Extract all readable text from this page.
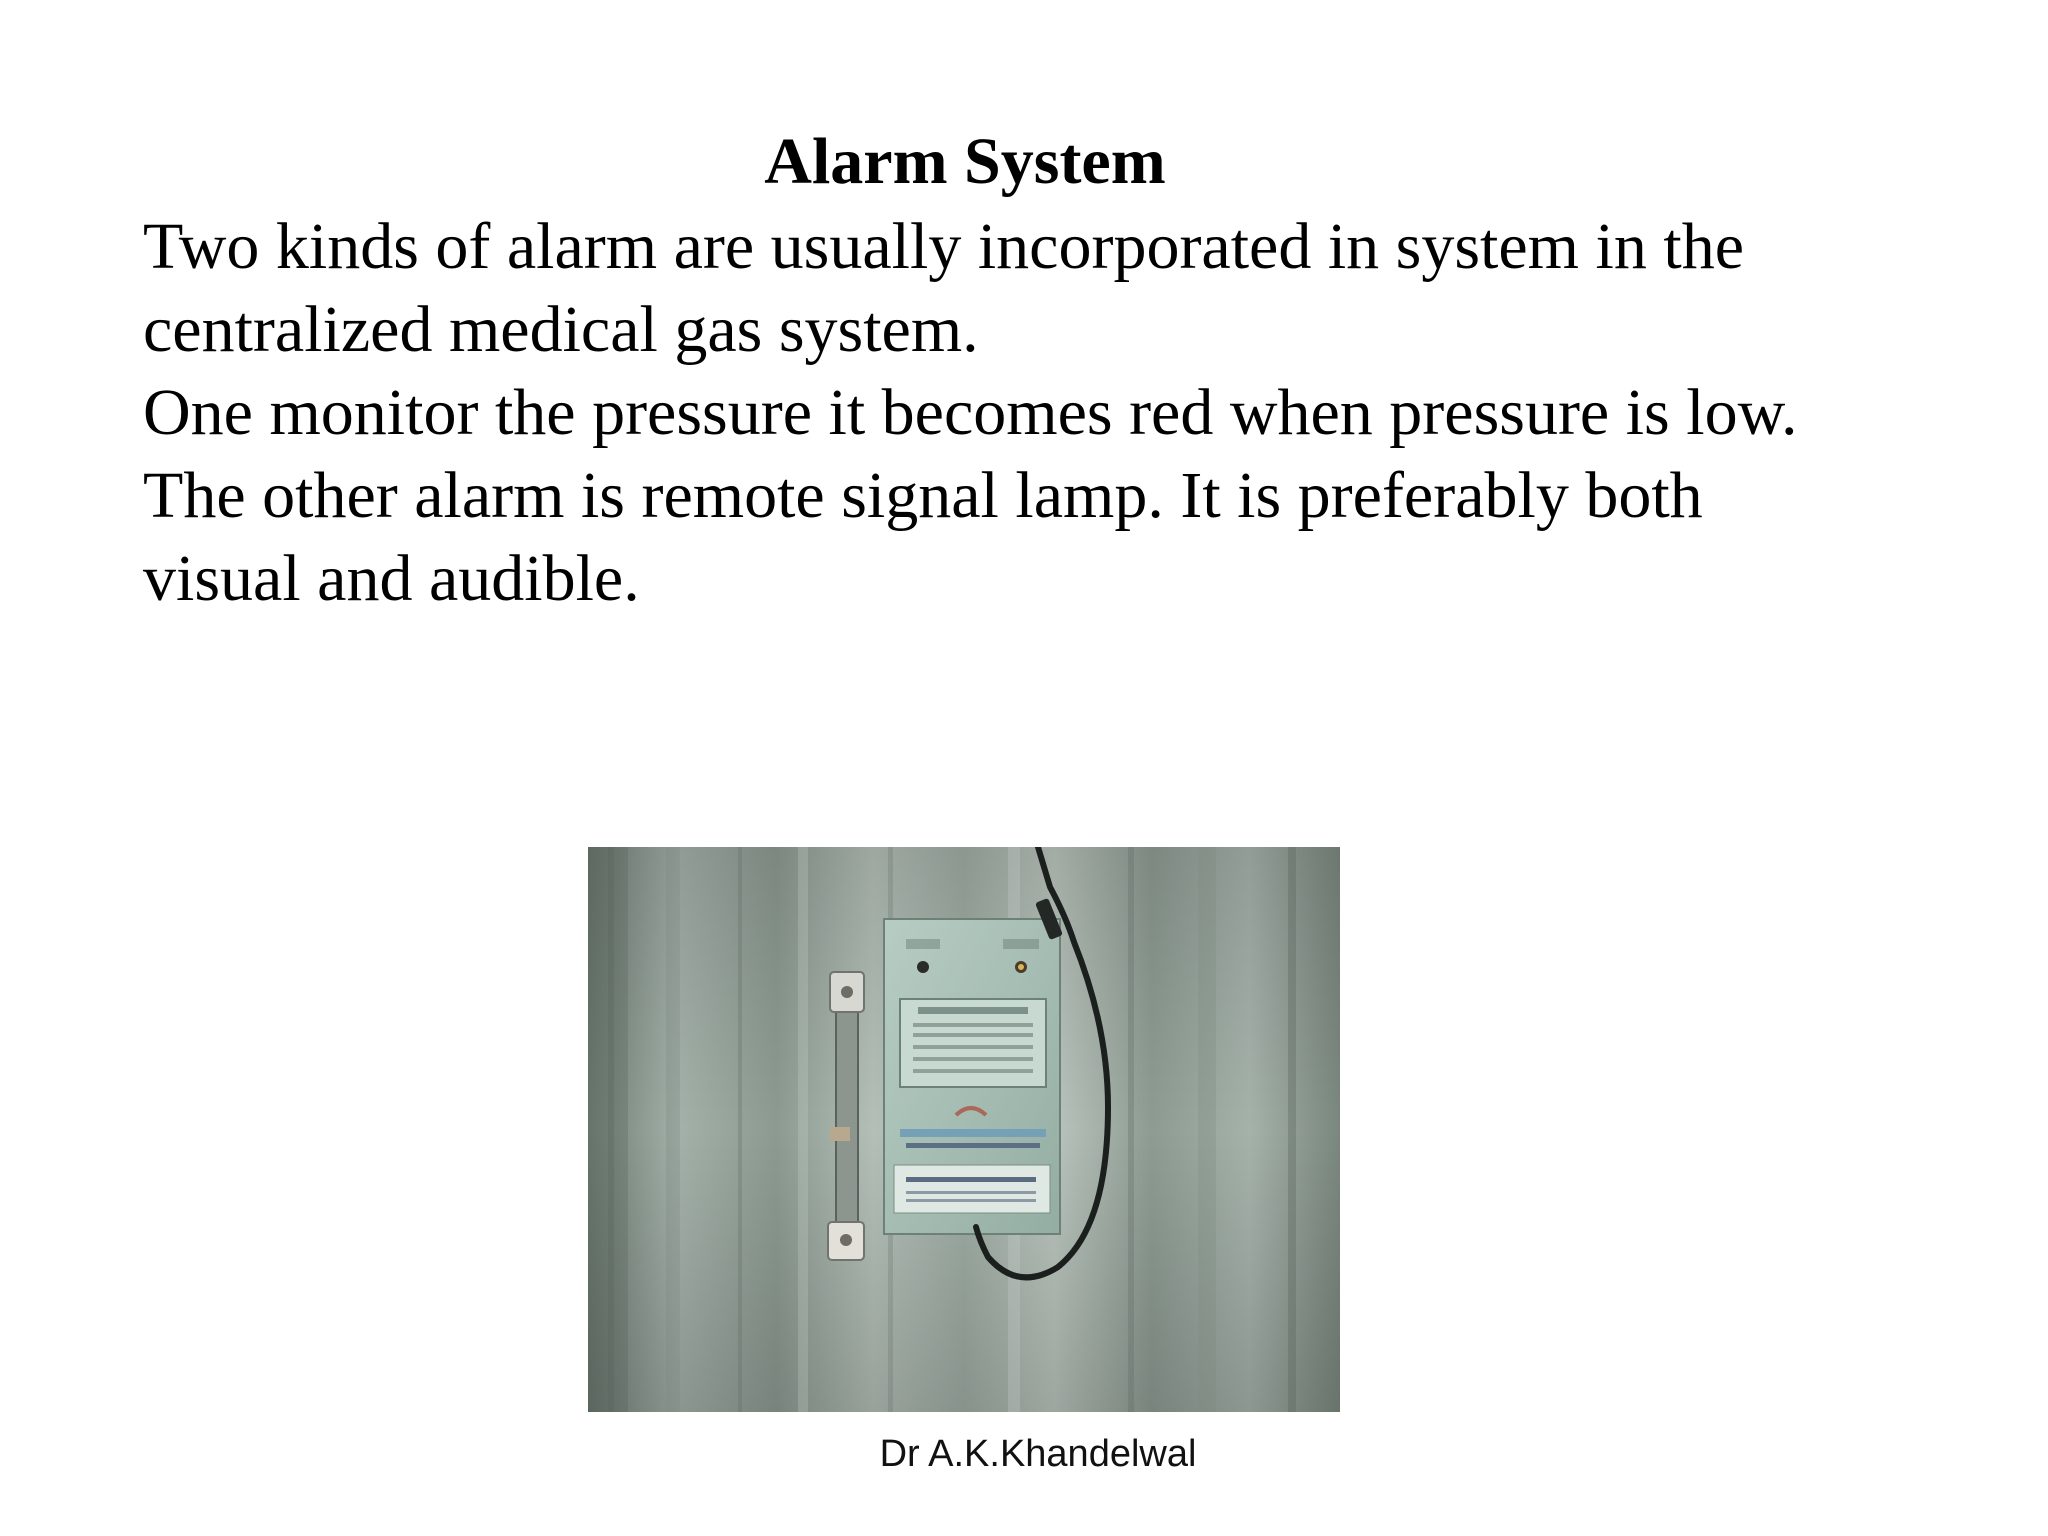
Alarm System

Two kinds of alarm are usually incorporated in system in the centralized medical gas system.

One monitor the pressure it becomes red when pressure is low.

The other alarm is remote signal lamp. It is preferably both visual and audible.

Dr A.K.Khandelwal
